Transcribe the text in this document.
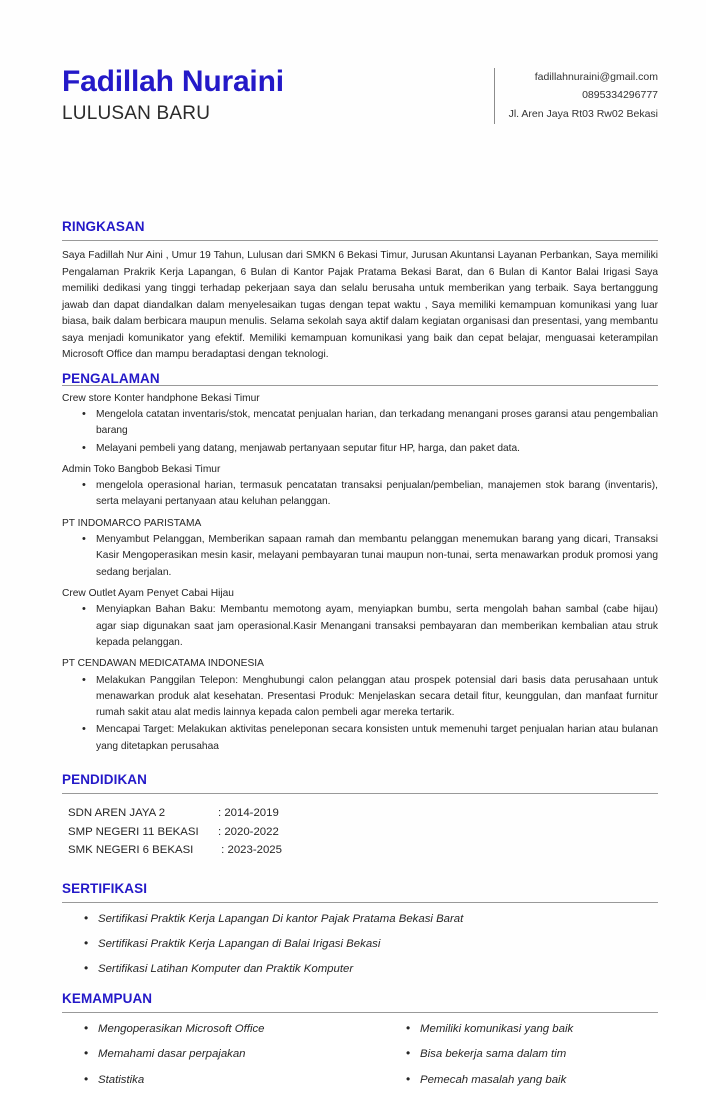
Fadillah Nuraini
LULUSAN BARU
fadillahnuraini@gmail.com
0895334296777
Jl. Aren Jaya Rt03 Rw02 Bekasi
RINGKASAN

Saya Fadillah Nur Aini , Umur 19 Tahun, Lulusan dari SMKN 6 Bekasi Timur, Jurusan Akuntansi Layanan Perbankan, Saya memiliki Pengalaman Prakrik Kerja Lapangan, 6 Bulan di Kantor Pajak Pratama Bekasi Barat, dan 6 Bulan di Kantor Balai Irigasi Saya memiliki dedikasi yang tinggi terhadap pekerjaan saya dan selalu berusaha untuk memberikan yang terbaik. Saya bertanggung jawab dan dapat diandalkan dalam menyelesaikan tugas dengan tepat waktu , Saya memiliki kemampuan komunikasi yang luar biasa, baik dalam berbicara maupun menulis. Selama sekolah saya aktif dalam kegiatan organisasi dan presentasi, yang membantu saya menjadi komunikator yang efektif. Memiliki kemampuan komunikasi yang baik dan cepat belajar, menguasai keterampilan Microsoft Office dan mampu beradaptasi dengan teknologi.

PENGALAMAN
Crew store Konter handphone Bekasi Timur
• Mengelola catatan inventaris/stok, mencatat penjualan harian, dan terkadang menangani proses garansi atau pengembalian barang
• Melayani pembeli yang datang, menjawab pertanyaan seputar fitur HP, harga, dan paket data.
Admin Toko Bangbob Bekasi Timur
• mengelola operasional harian, termasuk pencatatan transaksi penjualan/pembelian, manajemen stok barang (inventaris), serta melayani pertanyaan atau keluhan pelanggan.
PT INDOMARCO PARISTAMA
• Menyambut Pelanggan, Memberikan sapaan ramah dan membantu pelanggan menemukan barang yang dicari, Transaksi Kasir Mengoperasikan mesin kasir, melayani pembayaran tunai maupun non-tunai, serta menawarkan produk promosi yang sedang berjalan.
Crew Outlet Ayam Penyet Cabai Hijau
• Menyiapkan Bahan Baku: Membantu memotong ayam, menyiapkan bumbu, serta mengolah bahan sambal (cabe hijau) agar siap digunakan saat jam operasional.Kasir Menangani transaksi pembayaran dan memberikan kembalian atau struk kepada pelanggan.
PT CENDAWAN MEDICATAMA INDONESIA
• Melakukan Panggilan Telepon: Menghubungi calon pelanggan atau prospek potensial dari basis data perusahaan untuk menawarkan produk alat kesehatan. Presentasi Produk: Menjelaskan secara detail fitur, keunggulan, dan manfaat furnitur rumah sakit atau alat medis lainnya kepada calon pembeli agar mereka tertarik.
• Mencapai Target: Melakukan aktivitas peneleponan secara konsisten untuk memenuhi target penjualan harian atau bulanan yang ditetapkan perusahaa
PENDIDIKAN
SDN AREN JAYA 2	: 2014-2019
SMP NEGERI 11 BEKASI	: 2020-2022
SMK NEGERI 6 BEKASI	: 2023-2025
SERTIFIKASI
• Sertifikasi Praktik Kerja Lapangan Di kantor Pajak Pratama Bekasi Barat
• Sertifikasi Praktik Kerja Lapangan di Balai Irigasi Bekasi
• Sertifikasi Latihan Komputer dan Praktik Komputer
KEMAMPUAN
• Mengoperasikan Microsoft Office
• Memahami dasar perpajakan
• Statistika
• Memiliki komunikasi yang baik
• Bisa bekerja sama dalam tim
• Pemecah masalah yang baik
